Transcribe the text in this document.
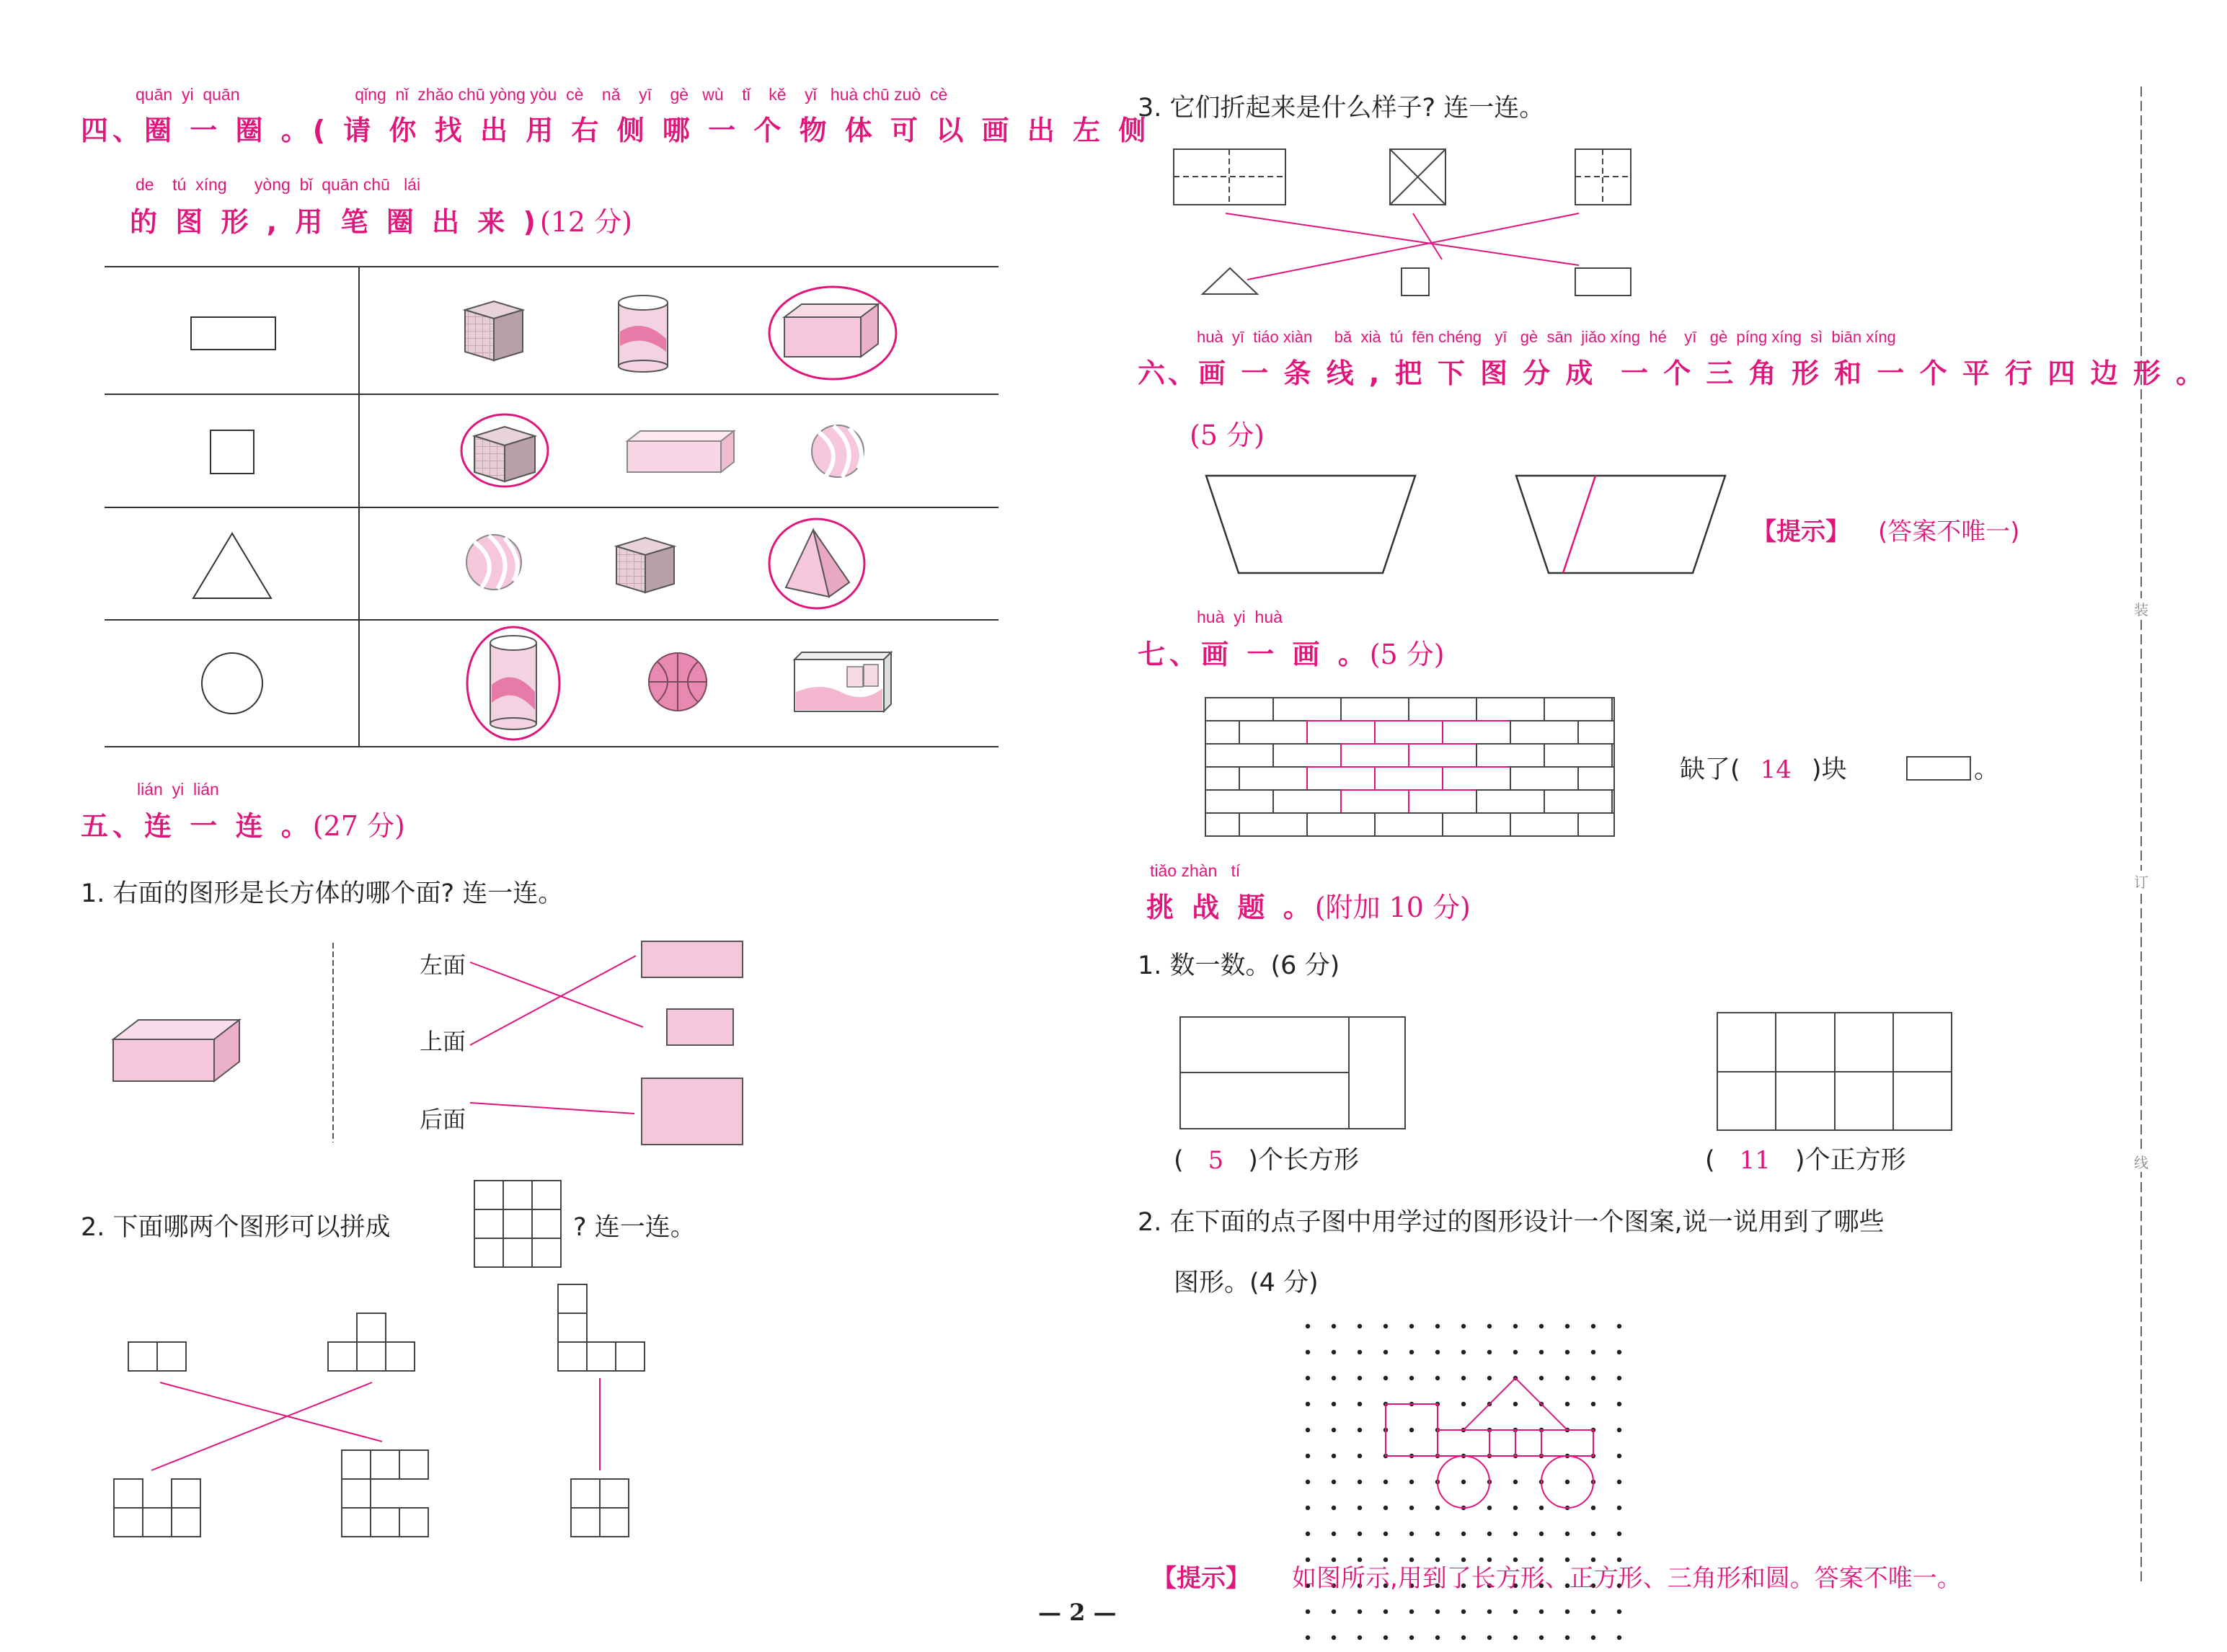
quān  yi  quān                         qǐng  nǐ  zhǎo chū yòng yòu  cè    nǎ    yī    gè   wù    tǐ    kě    yǐ   huà chū zuò  cè
四、圈 一 圈 。( 请 你 找 出 用 右 侧 哪 一 个 物 体 可 以 画 出 左 侧
de    tú  xíng      yòng  bǐ  quān chū   lái
的 图 形 , 用 笔 圈 出 来 )(12 分)
lián  yi  lián
五、连 一 连 。(27 分)
1. 右面的图形是长方体的哪个面? 连一连。
左面
上面
后面
2. 下面哪两个图形可以拼成	? 连一连。
3. 它们折起来是什么样子? 连一连。
huà  yī  tiáo xiàn     bǎ  xià  tú  fēn chéng   yī   gè  sān  jiǎo xíng  hé    yī   gè  píng xíng  sì  biān xíng
六、画 一 条 线 , 把 下 图 分 成  一 个 三 角 形 和 一 个 平 行 四 边 形 。
(5 分)
【提示】 (答案不唯一)
huà  yi  huà
七、画 一 画 。(5 分)
缺了( 14 )块	。
tiǎo zhàn   tí
挑 战 题 。(附加 10 分)
1. 数一数。(6 分)
( 5 )个长方形	( 11 )个正方形
2. 在下面的点子图中用学过的图形设计一个图案,说一说用到了哪些
图形。(4 分)
【提示】 如图所示,用到了长方形、正方形、三角形和圆。答案不唯一。
装
订
线
— 2 —
